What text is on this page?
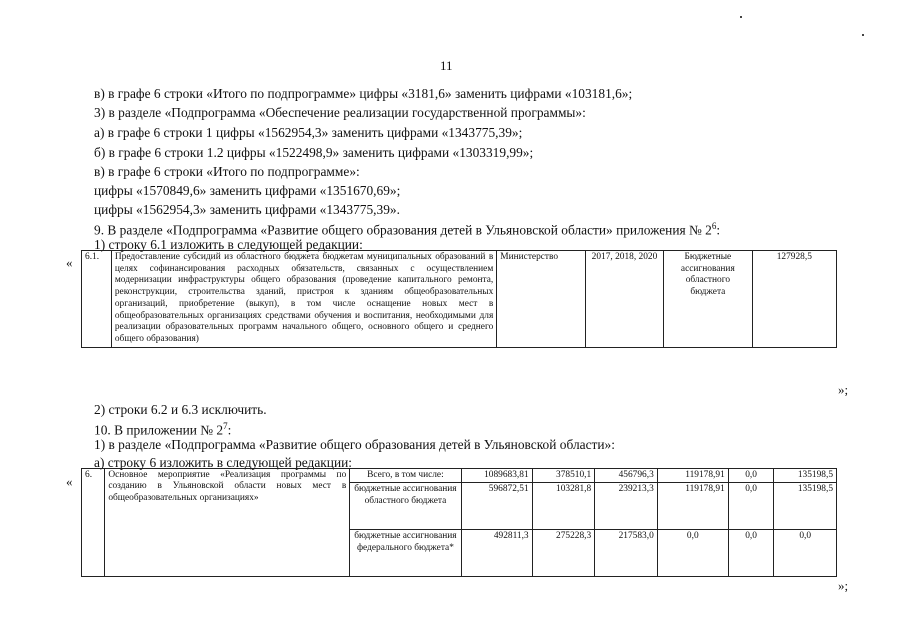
11
в) в графе 6 строки «Итого по подпрограмме» цифры «3181,6» заменить цифрами «103181,6»;
3) в разделе «Подпрограмма «Обеспечение реализации государственной программы»:
а) в графе 6 строки 1 цифры «1562954,3» заменить цифрами «1343775,39»;
б) в графе 6 строки 1.2 цифры «1522498,9» заменить цифрами «1303319,99»;
в) в графе 6 строки «Итого по подпрограмме»:
цифры «1570849,6» заменить цифрами «1351670,69»;
цифры «1562954,3» заменить цифрами «1343775,39».
9. В разделе «Подпрограмма «Развитие общего образования детей в Ульяновской области» приложения № $2^6$:
1) строку 6.1 изложить в следующей редакции:
« 6.1.	Предоставление субсидий из областного бюджета бюджетам муниципальных образований в целях софинансирования расходных обязательств, связанных с осуществлением модернизации инфраструктуры общего образования (проведение капитального ремонта, реконструкции, строительства зданий, пристроя к зданиям общеобразовательных организаций, приобретение (выкуп), в том числе оснащение новых мест в общеобразовательных организациях средствами обучения и воспитания, необходимыми для реализации образовательных программ начального общего, основного общего и среднего общего образования)	Министерство	2017, 2018, 2020	Бюджетные ассигнования областного бюджета	127928,5
»;
2) строки 6.2 и 6.3 исключить.
10. В приложении № $2^7$:
1) в разделе «Подпрограмма «Развитие общего образования детей в Ульяновской области»:
а) строку 6 изложить в следующей редакции:
« 6.	Основное мероприятие «Реализация программы по созданию в Ульяновской области новых мест в общеобразовательных организациях»	Всего, в том числе:	1089683,81	378510,1	456796,3	119178,91	0,0	135198,5
		бюджетные ассигнования областного бюджета	596872,51	103281,8	239213,3	119178,91	0,0	135198,5
		бюджетные ассигнования федерального бюджета*	492811,3	275228,3	217583,0	0,0	0,0	0,0
»;
